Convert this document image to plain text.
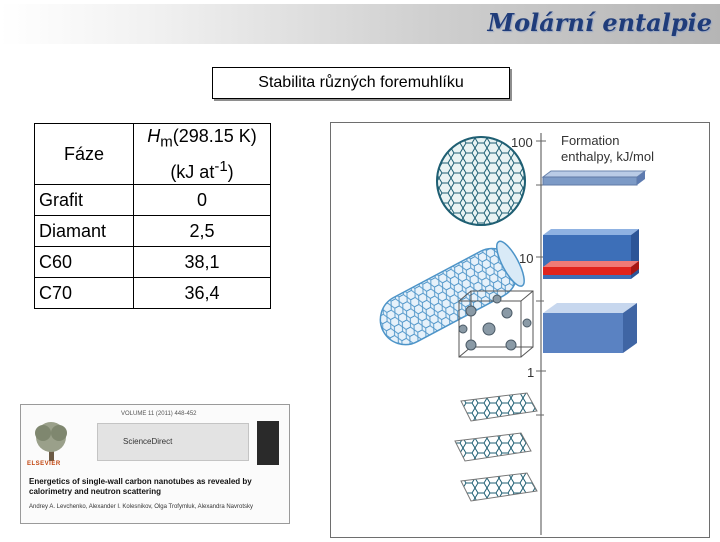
Molární entalpie
Stabilita různých foremuhlíku
Fáze	$H_m(298.15$ K)
(kJ $at^{-1}$)

Grafit	0
Diamant	2,5
C60	38,1
C70	36,4
100
10
1
Formation
enthalpy, kJ/mol
VOLUME 11 (2011) 448-452
ELSEVIER
ScienceDirect
Energetics of single-wall carbon nanotubes as revealed by calorimetry and neutron scattering
Andrey A. Levchenko, Alexander I. Kolesnikov, Olga Trofymluk, Alexandra Navrotsky
